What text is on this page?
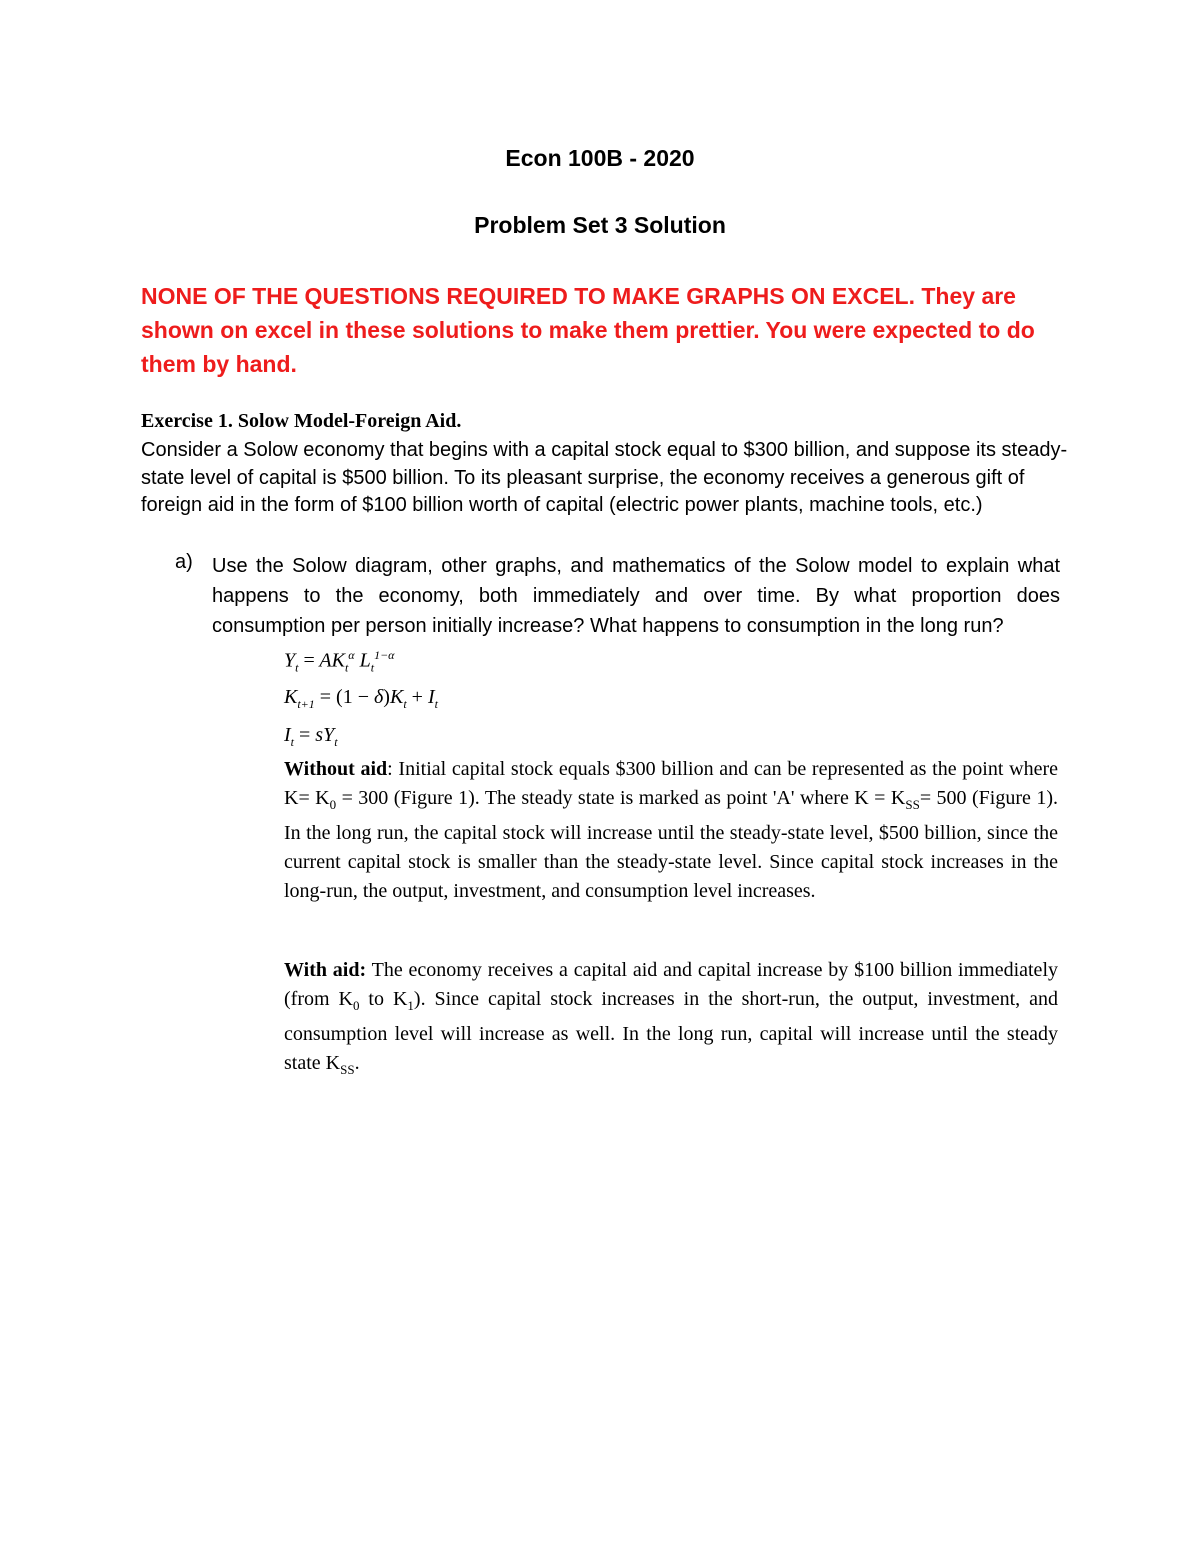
Econ 100B - 2020
Problem Set 3 Solution
NONE OF THE QUESTIONS REQUIRED TO MAKE GRAPHS ON EXCEL. They are shown on excel in these solutions to make them prettier. You were expected to do them by hand.
Exercise 1. Solow Model-Foreign Aid.
Consider a Solow economy that begins with a capital stock equal to $300 billion, and suppose its steady-state level of capital is $500 billion. To its pleasant surprise, the economy receives a generous gift of foreign aid in the form of $100 billion worth of capital (electric power plants, machine tools, etc.)
a) Use the Solow diagram, other graphs, and mathematics of the Solow model to explain what happens to the economy, both immediately and over time. By what proportion does consumption per person initially increase? What happens to consumption in the long run?
$Y_t = AK_t^\alpha$ $L_t^{1-\alpha}$
$K_{t+1} = (1 - \delta)K_t + I_t$
$I_t = sY_t$
Without aid: Initial capital stock equals $300 billion and can be represented as the point where $K= K_0 = 300$ (Figure 1). The steady state is marked as point 'A' where $K = K_{SS}= 500$ (Figure 1). In the long run, the capital stock will increase until the steady-state level, $500 billion, since the current capital stock is smaller than the steady-state level. Since capital stock increases in the long-run, the output, investment, and consumption level increases.
With aid: The economy receives a capital aid and capital increase by $100 billion immediately (from $K_0$ to $K_1$). Since capital stock increases in the short-run, the output, investment, and consumption level will increase as well. In the long run, capital will increase until the steady state $K_{SS}$.
